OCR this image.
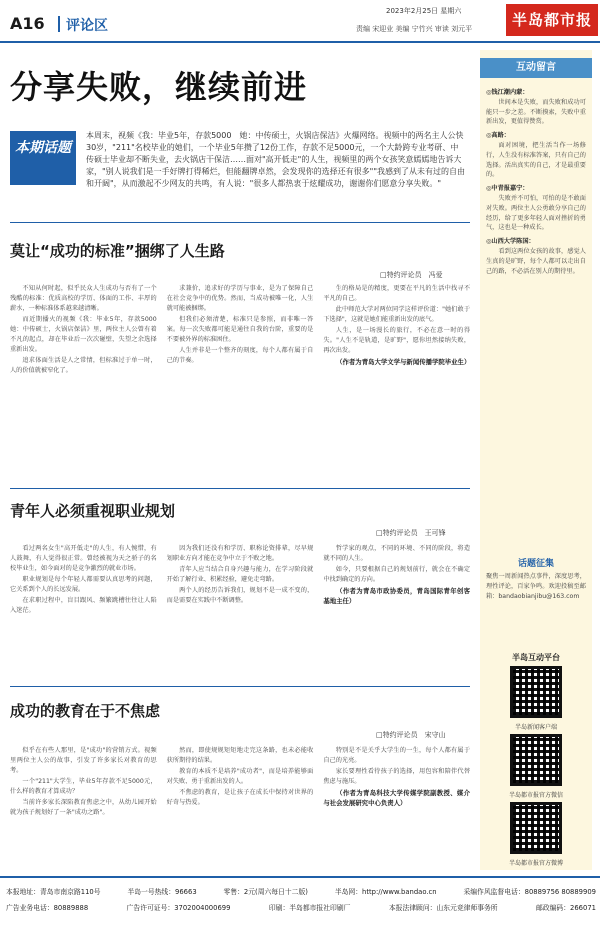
A16 评论区
2023年2月25日 星期六
责编 宋迎业 美编 宁竹兴 审读 刘元平	半岛都市报
分享失败，继续前进
本期话题
本周末，视频《我：毕业5年，存款5000　她：中传硕士，火锅店保洁》火爆网络。视频中的两名主人公快30岁，"211"名校毕业的她们，一个毕业5年攒了12份工作，存款不足5000元，一个大龄跨专业考研、中传硕士毕业却不断失业，去火锅店干保洁……面对"高开低走"的人生，视频里的两个女孩笑意嫣嫣地告诉大家，"别人说我们是一手好牌打得稀烂，但能翻牌卓然，会发现你的选择还有很多""我感到了从未有过的自由和开阔"，从而激起不少网友的共鸣，有人说："很多人都热衷于炫耀成功，谢谢你们愿意分享失败。"
莫让“成功的标准”捆绑了人生路
□特约评论员　冯爱

不知从何时起，似乎民众人生成功与否有了一个残酷的标准：优质高校的学历、体面的工作、丰厚的薪水，一种标准体系越来越清晰。

而近期播火的视频《我：毕业5年，存款5000　她：中传硕士，火锅店保洁》里，两位主人公曾有着不凡的起点，却在毕业后一次次碰壁，失望之余选择重新出发。

追求体面生活是人之常情，但标准过于单一时，人的价值就被窄化了。

求兼价，追求好的学历与事业，是为了保障自己在社会竞争中的优势。然而，当成功被唯一化，人生就可能被捆绑。

但我们必须清楚，标准只是参照，而非唯一答案。每一次失败都可能是通往自我的台阶，重要的是不要被外界的标准困住。

人生并非是一个整齐的刻度，每个人都有属于自己的节奏。

生的格局是的精度，更要在平凡的生活中找寻不平凡的自己。

此中师范大学对两位同学这样评价道："她们敢于下选择"，这就是她们能重新出发的底气。

人生，是一场漫长的旅行，不必在意一时的得失。"人生不是轨道，是旷野"，愿你坦然接纳失败，再次出发。

（作者为青岛大学文学与新闻传播学院毕业生）

青年人必须重视职业规划
□特约评论员　王可锋

看过两名女生"高开低走"的人生，有人惋惜，有人鼓舞，有人觉得很正常。曾经被视为天之骄子的名校毕业生，如今面对的是竞争激烈的就业市场。

职业规划是每个年轻人都需要认真思考的问题，它关系到个人的长远发展。

在求职过程中，盲目跟风、频繁跳槽往往让人陷入迷茫。

因为我们还没有和学历、职称论资排辈，尽早规划职业方向才能在竞争中立于不败之地。

青年人应当结合自身兴趣与能力，在学习阶段就开始了解行业、积累经验，避免走弯路。

两个人的经历告诉我们，规划不是一成不变的，而是需要在实践中不断调整。

哲学家的观点，不同的环境、不同的阶段，将造就不同的人生。

如今，只要根据自己的规划前行，就会在不确定中找到确定的方向。

（作者为青岛市政协委员，青岛国际青年创客基地主任）

成功的教育在于不焦虑
□特约评论员　宋守山

似乎在有些人那里，是"成功"的营销方式。视频里两位主人公的故事，引发了许多家长对教育的思考。

一个"211"大学生，毕业5年存款不足5000元，什么样的教育才算成功？

当前许多家长深陷教育焦虑之中，从幼儿园开始就为孩子规划好了一条"成功之路"。

然而，即使规规矩矩地走完这条路，也未必能收获所期待的结果。

教育的本质不是培养"成功者"，而是培养能够面对失败、勇于重新出发的人。

不焦虑的教育，是让孩子在成长中保持对世界的好奇与热爱。

特别是不是关乎大学生的一生，每个人都有属于自己的光亮。

家长要理性看待孩子的选择，用包容和陪伴代替焦虑与施压。

（作者为青岛科技大学传媒学院副教授、媒介与社会发展研究中心负责人）

互动留言
◎钱江潮内蒙：

世间本是失败，而失败和成功可能只一步之差。不断摸索，失败中重新出发，更值得赞赏。

◎高路：

面对困境，把生活当作一场修行，人生没有标准答案，只有自己的选择。活出真实的自己，才是最重要的。

◎中青报嘉宁：

失败并不可怕，可怕的是不敢面对失败。两位主人公勇敢分享自己的经历，给了更多年轻人面对挫折的勇气，这也是一种成长。

◎山西大学陈国：

看到这两位女孩的故事，感觉人生真的是旷野，每个人都可以走出自己的路，不必活在别人的期待里。

话题征集
聚焦一周新闻热点事件，深度思考，理性评论，百家争鸣。欢迎投稿至邮箱：bandaobianjibu@163.com
半岛互动平台
半岛新闻客户端
半岛都市报官方微信
半岛都市报官方微博
本报地址：青岛市南京路110号	半岛一号热线：96663	零售：2元(周六每日十二版)	半岛网：http://www.bandao.cn	采编作风监督电话：80889756 80889909
广告业务电话：80889888	广告许可证号：3702004000699	印刷：半岛都市报社印刷厂	本报法律顾问：山东元竞律师事务所	邮政编码：266071
